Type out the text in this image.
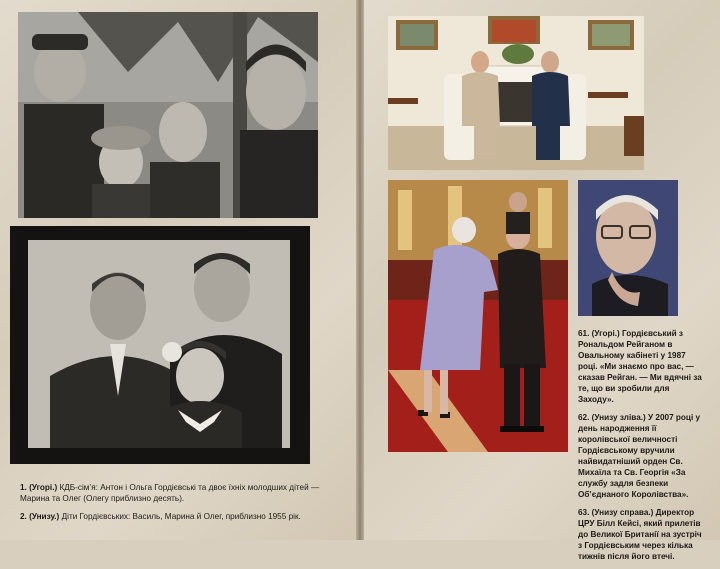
1. (Угорі.) КДБ-сім’я: Антон і Ольга Гордієвські та двоє їхніх молодших дітей — Марина та Олег (Олегу приблизно десять).

2. (Унизу.) Діти Гордієвських: Василь, Марина й Олег, приблизно 1955 рік.

61. (Угорі.) Гордієвський з Рональдом Рейганом в Овальному кабінеті у 1987 році. «Ми знаємо про вас, — сказав Рейган. — Ми вдячні за те, що ви зробили для Заходу».

62. (Унизу зліва.) У 2007 році у день народження її королівської величності Гордієвському вручили найвидатніший орден Св. Михаїла та Св. Георгія «За службу задля безпеки Об’єднаного Королівства».

63. (Унизу справа.) Директор ЦРУ Білл Кейсі, який прилетів до Великої Британії на зустріч з Гордієвським через кілька тижнів після його втечі.
